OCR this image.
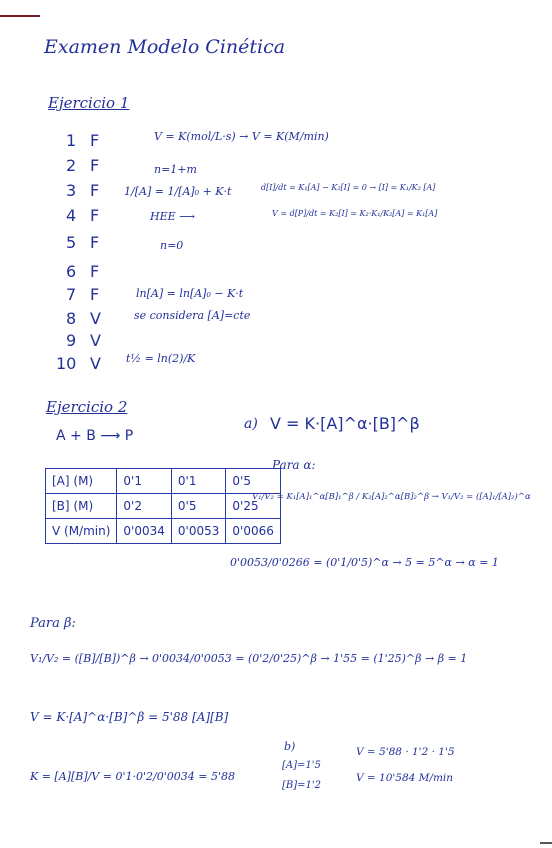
Examen Modelo Cinética
Ejercicio 1
1 F
2 F
3 F
4 F
5 F
6 F
7 F
8 V
9 V
10 V
V = K(mol/L·s) → V = K(M/min)
n=1+m
1/[A] = 1/[A]₀ + K·t	d[I]/dt = K₁[A] − K₂[I] = 0 → [I] = K₁/K₂ [A]
HEE ⟶	V = d[P]/dt = K₂[I] = K₂·K₁/K₂[A] = K₁[A]
n=0
ln[A] = ln[A]₀ − K·t
se considera [A]=cte
t½ = ln(2)/K
Ejercicio 2
A + B ⟶ P
a) V = K·[A]^α·[B]^β
Para α:
V₁/V₂ = K₁[A]₁^α[B]₁^β / K₂[A]₂^α[B]₂^β → V₁/V₂ = ([A]₁/[A]₂)^α
0'0053/0'0266 = (0'1/0'5)^α → 5 = 5^α → α = 1
[A] (M)	0'1	0'1	0'5
[B] (M)	0'2	0'5	0'25
V (M/min)	0'0034	0'0053	0'0066
Para β:
V₁/V₂ = ([B]/[B])^β → 0'0034/0'0053 = (0'2/0'25)^β → 1'55 = (1'25)^β → β = 1
V = K·[A]^α·[B]^β = 5'88 [A][B]
K = [A][B]/V = 0'1·0'2/0'0034 = 5'88
b)
[A]=1'5
[B]=1'2
V = 5'88 · 1'2 · 1'5
V = 10'584 M/min
